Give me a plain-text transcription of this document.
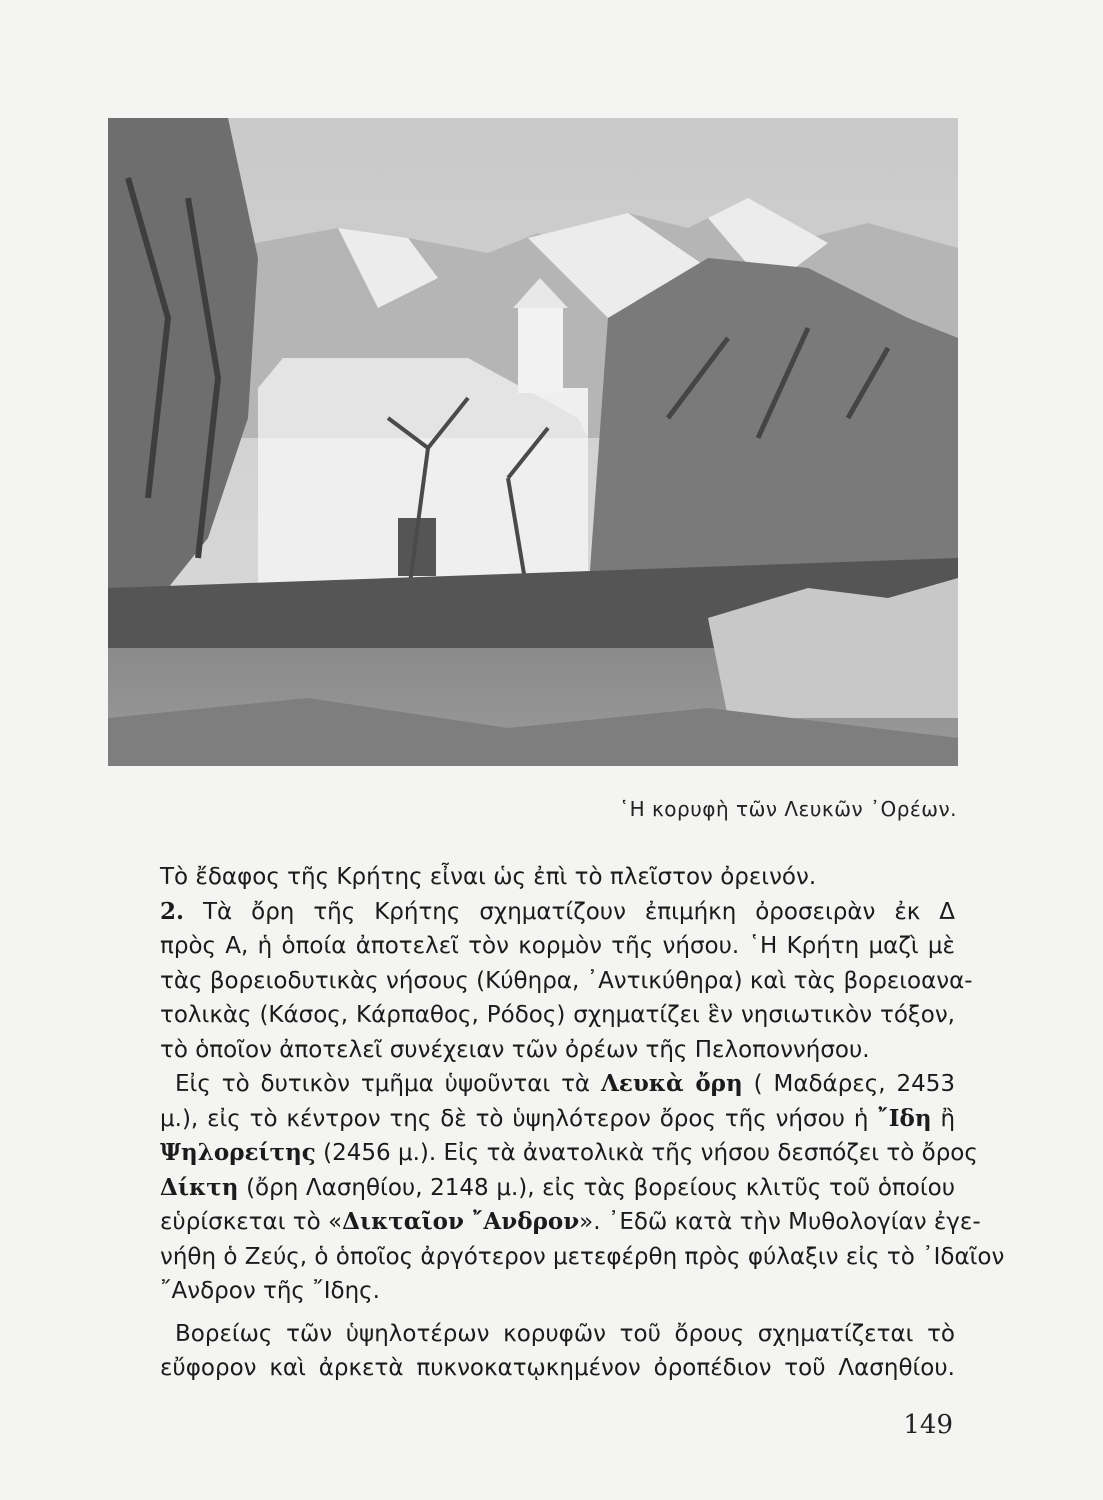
῾Η κορυφὴ τῶν Λευκῶν ᾿Ορέων.

Τὸ ἔδαφος τῆς Κρήτης εἶναι ὡς ἐπὶ τὸ πλεῖστον ὀρεινόν.

2. Τὰ ὄρη τῆς Κρήτης σχηματίζουν ἐπιμήκη ὀροσειρὰν ἐκ Δ
πρὸς Α, ἡ ὁποία ἀποτελεῖ τὸν κορμὸν τῆς νήσου. ῾Η Κρήτη μαζὶ μὲ
τὰς βορειοδυτικὰς νήσους (Κύθηρα, ᾿Αντικύθηρα) καὶ τὰς βορειοανα-
τολικὰς (Κάσος, Κάρπαθος, Ρόδος) σχηματίζει ἓν νησιωτικὸν τόξον,
τὸ ὁποῖον ἀποτελεῖ συνέχειαν τῶν ὀρέων τῆς Πελοποννήσου.

Εἰς τὸ δυτικὸν τμῆμα ὑψοῦνται τὰ Λευκὰ ὄρη ( Μαδάρες, 2453
μ.), εἰς τὸ κέντρον της δὲ τὸ ὑψηλότερον ὄρος τῆς νήσου ἡ ῎Ιδη ἢ
Ψηλορείτης (2456 μ.). Εἰς τὰ ἀνατολικὰ τῆς νήσου δεσπόζει τὸ ὄρος
Δίκτη (ὄρη Λασηθίου, 2148 μ.), εἰς τὰς βορείους κλιτῦς τοῦ ὁποίου
εὑρίσκεται τὸ «Δικταῖον ῎Ανδρον». ᾿Εδῶ κατὰ τὴν Μυθολογίαν ἐγε-
νήθη ὁ Ζεύς, ὁ ὁποῖος ἀργότερον μετεφέρθη πρὸς φύλαξιν εἰς τὸ ᾿Ιδαῖον
῎Ανδρον τῆς ῎Ιδης.

Βορείως τῶν ὑψηλοτέρων κορυφῶν τοῦ ὄρους σχηματίζεται τὸ
εὔφορον καὶ ἀρκετὰ πυκνοκατῳκημένον ὀροπέδιον τοῦ Λασηθίου.

149
